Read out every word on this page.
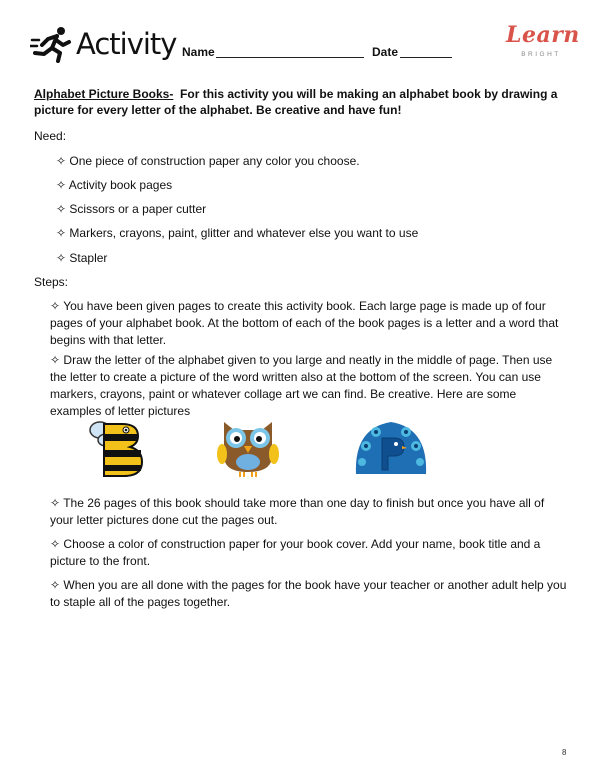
Activity Name	Date
Learn
BRIGHT
Alphabet Picture Books- For this activity you will be making an alphabet book by drawing a picture for every letter of the alphabet. Be creative and have fun!
Need:
✧ One piece of construction paper any color you choose.
✧ Activity book pages
✧ Scissors or a paper cutter
✧ Markers, crayons, paint, glitter and whatever else you want to use
✧ Stapler
Steps:
✧ You have been given pages to create this activity book. Each large page is made up of four pages of your alphabet book. At the bottom of each of the book pages is a letter and a word that begins with that letter.
✧ Draw the letter of the alphabet given to you large and neatly in the middle of page. Then use the letter to create a picture of the word written also at the bottom of the screen. You can use markers, crayons, paint or whatever collage art we can find. Be creative. Here are some examples of letter pictures
✧ The 26 pages of this book should take more than one day to finish but once you have all of your letter pictures done cut the pages out.
✧ Choose a color of construction paper for your book cover. Add your name, book title and a picture to the front.
✧ When you are all done with the pages for the book have your teacher or another adult help you to staple all of the pages together.
8
